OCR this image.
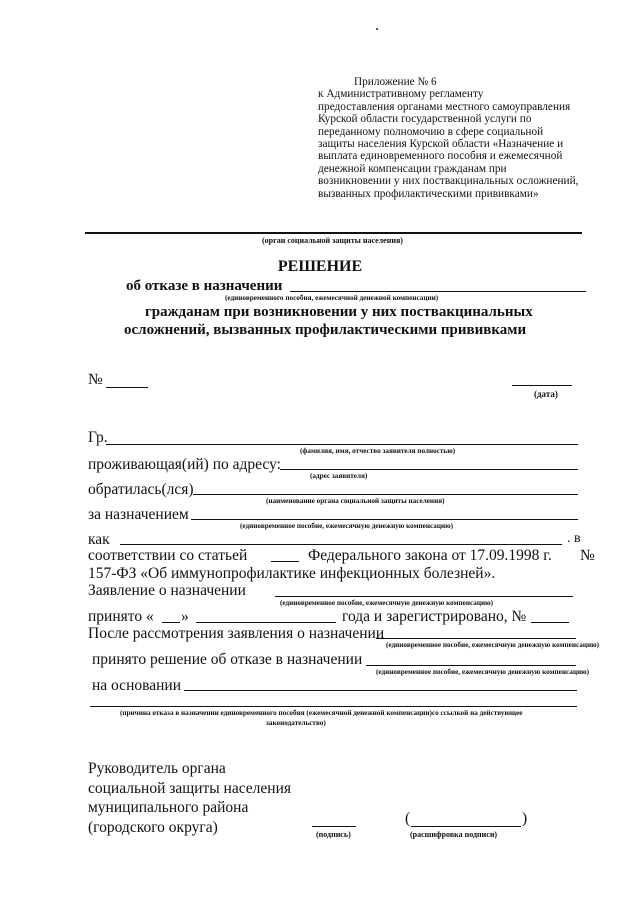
Приложение № 6
к Административному регламенту
предоставления органами местного самоуправления
Курской области государственной услуги по
переданному полномочию в сфере социальной
защиты населения Курской области «Назначение и
выплата единовременного пособия и ежемесячной
денежной компенсации гражданам при
возникновении у них поствакцинальных осложнений,
вызванных профилактическими прививками»
(орган социальной защиты населения)
РЕШЕНИЕ
об отказе в назначении
(единовременного пособия, ежемесячной денежной компенсации)
гражданам при возникновении у них поствакцинальных
осложнений, вызванных профилактическими прививками
№
(дата)
Гр.
(фамилия, имя, отчество заявителя полностью)
проживающая(ий) по адресу:
(адрес заявителя)
обратилась(лся)
(наименование органа социальной защиты населения)
за назначением
(единовременное пособие, ежемесячную денежную компенсацию)
как	. в
соответствии со статьей	Федерального закона от 17.09.1998 г. №
157-ФЗ «Об иммунопрофилактике инфекционных болезней».
Заявление о назначении
(единовременное пособие, ежемесячную денежную компенсацию)
принято « »	года и зарегистрировано, №
После рассмотрения заявления о назначении
(единовременное пособие, ежемесячную денежную компенсацию)
принято решение об отказе в назначении
(единовременное пособие, ежемесячную денежную компенсацию)
на основании
(причина отказа в назначении единовременного пособия (ежемесячной денежной компенсации)со ссылкой на действующее
законодательство)
Руководитель органа
социальной защиты населения
муниципального района
(городского округа)	(подпись)
(	)
(расшифровка подписи)
